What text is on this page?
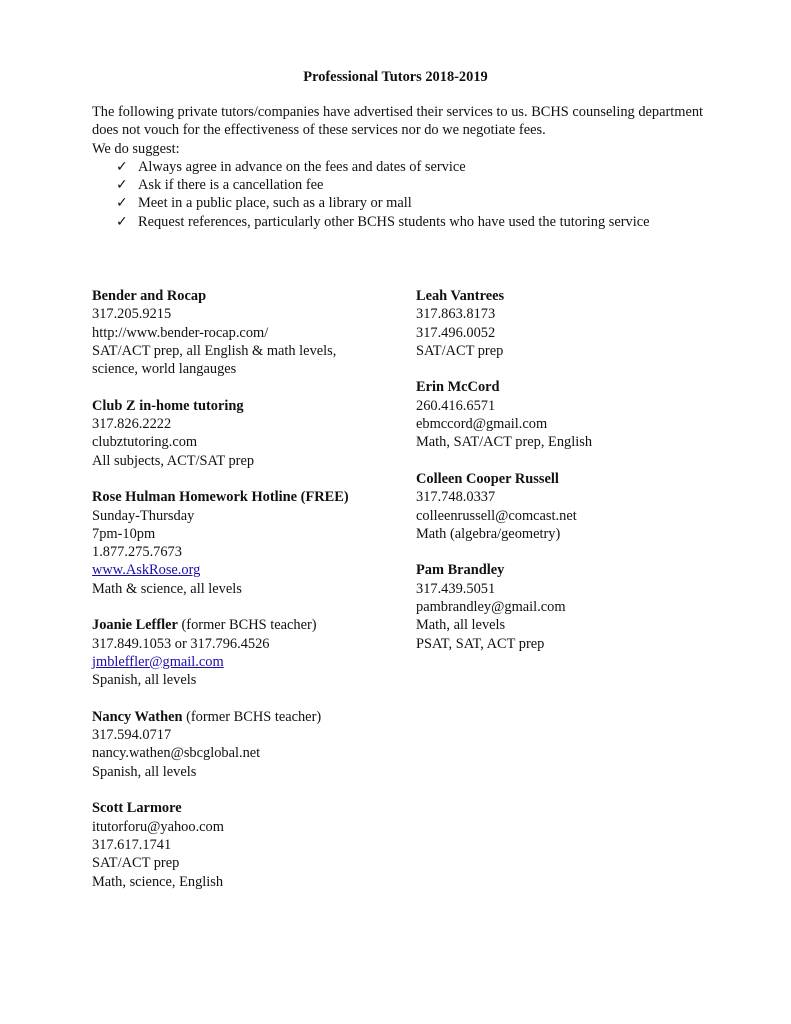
Professional Tutors 2018-2019

The following private tutors/companies have advertised their services to us. BCHS counseling department does not vouch for the effectiveness of these services nor do we negotiate fees.

We do suggest:

✓ Always agree in advance on the fees and dates of service
✓ Ask if there is a cancellation fee
✓ Meet in a public place, such as a library or mall
✓ Request references, particularly other BCHS students who have used the tutoring service
Bender and Rocap
317.205.9215
http://www.bender-rocap.com/
SAT/ACT prep, all English & math levels,
science, world langauges
Club Z in-home tutoring
317.826.2222
clubztutoring.com
All subjects, ACT/SAT prep
Rose Hulman Homework Hotline (FREE)
Sunday-Thursday
7pm-10pm
1.877.275.7673
www.AskRose.org
Math & science, all levels
Joanie Leffler (former BCHS teacher)
317.849.1053 or 317.796.4526
jmbleffler@gmail.com
Spanish, all levels
Nancy Wathen (former BCHS teacher)
317.594.0717
nancy.wathen@sbcglobal.net
Spanish, all levels
Scott Larmore
itutorforu@yahoo.com
317.617.1741
SAT/ACT prep
Math, science, English
Leah Vantrees
317.863.8173
317.496.0052
SAT/ACT prep
Erin McCord
260.416.6571
ebmccord@gmail.com
Math, SAT/ACT prep, English
Colleen Cooper Russell
317.748.0337
colleenrussell@comcast.net
Math (algebra/geometry)
Pam Brandley
317.439.5051
pambrandley@gmail.com
Math, all levels
PSAT, SAT, ACT prep
